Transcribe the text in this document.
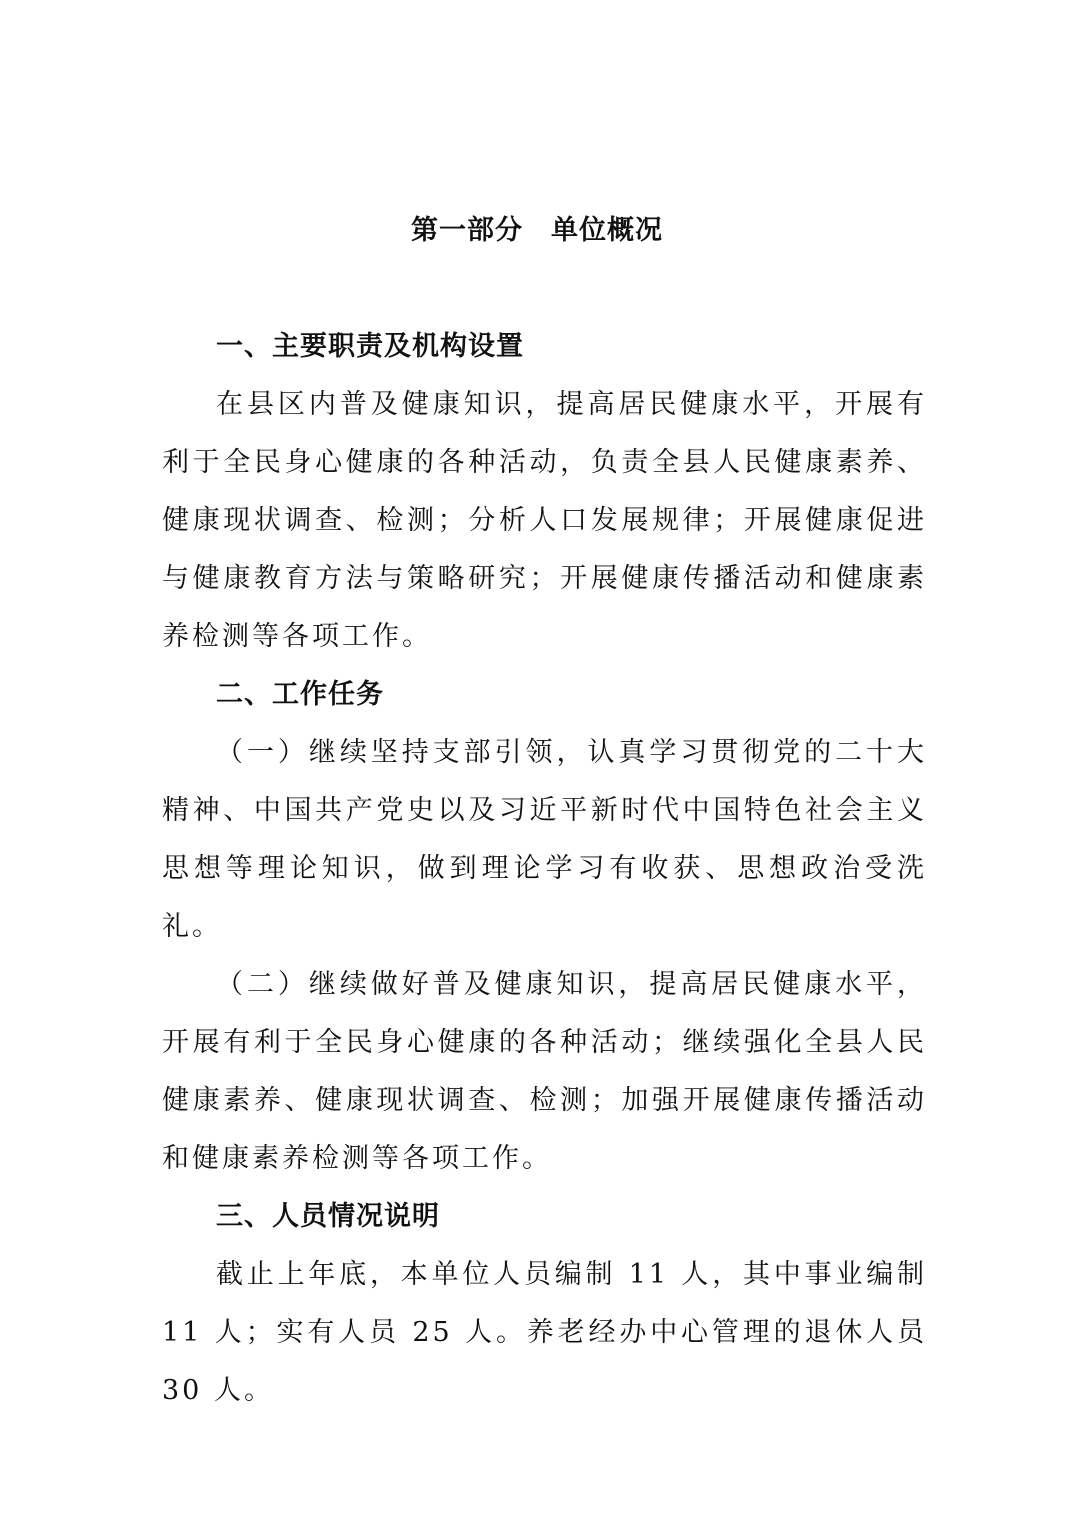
第一部分 单位概况

一、主要职责及机构设置

在县区内普及健康知识，提高居民健康水平，开展有利于全民身心健康的各种活动，负责全县人民健康素养、健康现状调查、检测；分析人口发展规律；开展健康促进与健康教育方法与策略研究；开展健康传播活动和健康素养检测等各项工作。

二、工作任务

（一）继续坚持支部引领，认真学习贯彻党的二十大精神、中国共产党史以及习近平新时代中国特色社会主义思想等理论知识，做到理论学习有收获、思想政治受洗礼。

（二）继续做好普及健康知识，提高居民健康水平，开展有利于全民身心健康的各种活动；继续强化全县人民健康素养、健康现状调查、检测；加强开展健康传播活动和健康素养检测等各项工作。

三、人员情况说明

截止上年底，本单位人员编制 11 人，其中事业编制 11 人；实有人员 25 人。养老经办中心管理的退休人员 30 人。
